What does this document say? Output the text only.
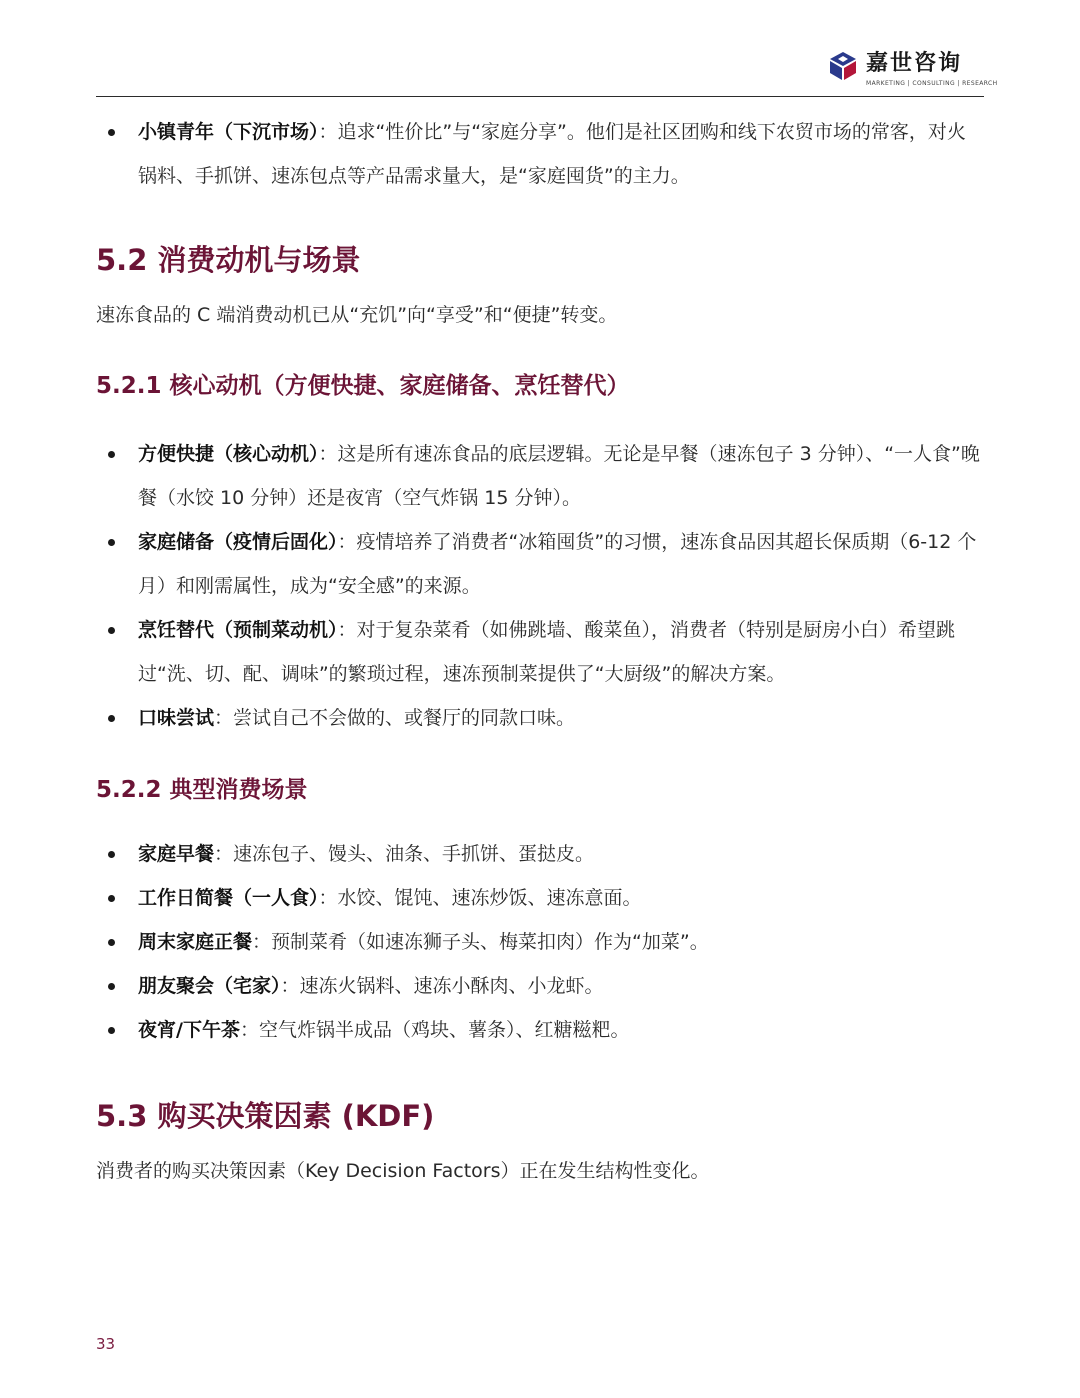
嘉世咨询
MARKETING | CONSULTING | RESEARCH
小镇青年（下沉市场）：追求“性价比”与“家庭分享”。他们是社区团购和线下农贸市场的常客，对火锅料、手抓饼、速冻包点等产品需求量大，是“家庭囤货”的主力。
5.2 消费动机与场景

速冻食品的 C 端消费动机已从“充饥”向“享受”和“便捷”转变。

5.2.1 核心动机（方便快捷、家庭储备、烹饪替代）
方便快捷（核心动机）：这是所有速冻食品的底层逻辑。无论是早餐（速冻包子 3 分钟）、“一人食”晚餐（水饺 10 分钟）还是夜宵（空气炸锅 15 分钟）。
家庭储备（疫情后固化）：疫情培养了消费者“冰箱囤货”的习惯，速冻食品因其超长保质期（6-12 个月）和刚需属性，成为“安全感”的来源。
烹饪替代（预制菜动机）：对于复杂菜肴（如佛跳墙、酸菜鱼），消费者（特别是厨房小白）希望跳过“洗、切、配、调味”的繁琐过程，速冻预制菜提供了“大厨级”的解决方案。
口味尝试：尝试自己不会做的、或餐厅的同款口味。
5.2.2 典型消费场景
家庭早餐：速冻包子、馒头、油条、手抓饼、蛋挞皮。
工作日简餐（一人食）：水饺、馄饨、速冻炒饭、速冻意面。
周末家庭正餐：预制菜肴（如速冻狮子头、梅菜扣肉）作为“加菜”。
朋友聚会（宅家）：速冻火锅料、速冻小酥肉、小龙虾。
夜宵/下午茶：空气炸锅半成品（鸡块、薯条）、红糖糍粑。
5.3 购买决策因素 (KDF)

消费者的购买决策因素（Key Decision Factors）正在发生结构性变化。

33
